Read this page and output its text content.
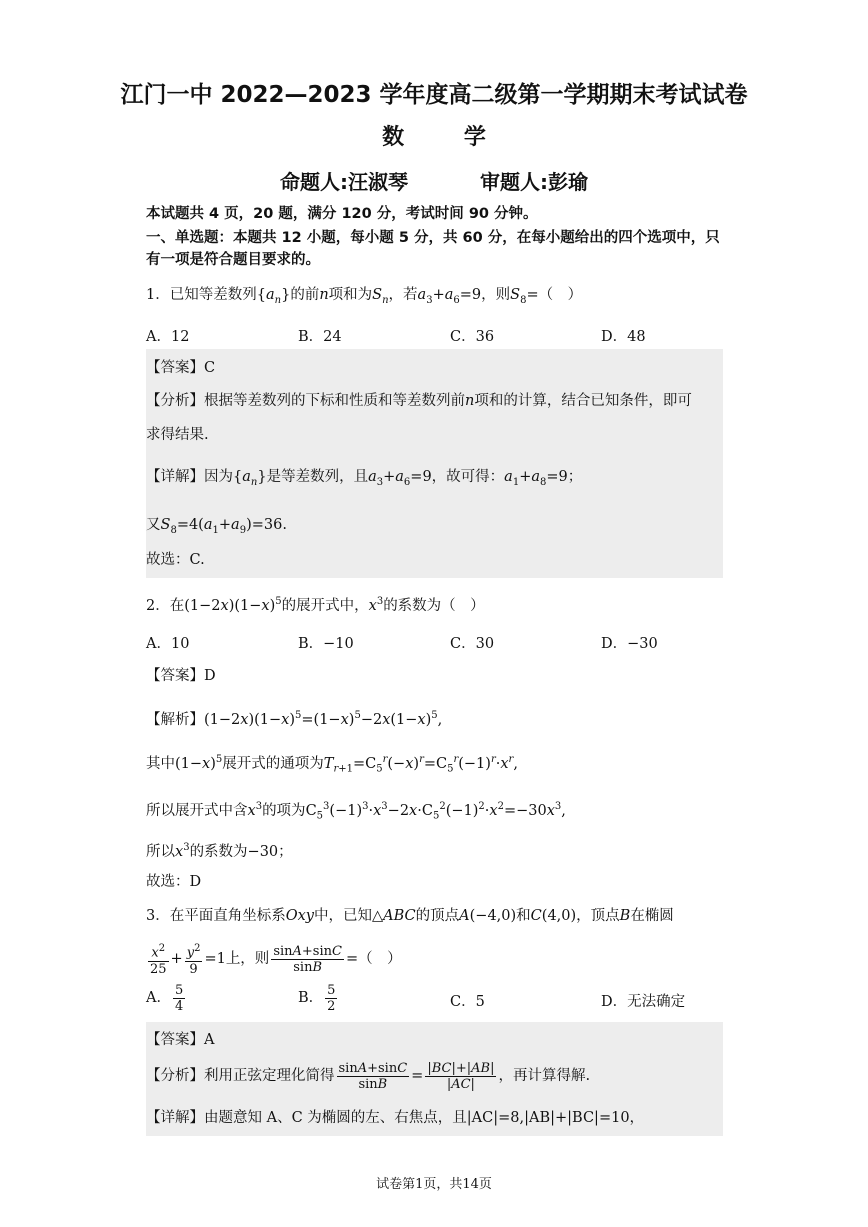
江门一中 2022—2023 学年度高二级第一学期期末考试试卷
数 学
命题人:汪淑琴	审题人:彭瑜
本试题共 4 页，20 题，满分 120 分，考试时间 90 分钟。
一、单选题：本题共 12 小题，每小题 5 分，共 60 分，在每小题给出的四个选项中，只
有一项是符合题目要求的。
1．已知等差数列$\{a_n\}$的前n项和为$S_n$，若$a_3+a_6=9$，则$S_8=$（　）
A．12	B．24	C．36	D．48
【答案】C
【分析】根据等差数列的下标和性质和等差数列前n项和的计算，结合已知条件，即可
求得结果.
【详解】因为$\{a_n\}$是等差数列，且$a_3+a_6=9$，故可得：$a_1+a_8=9$；
又$S_8=4(a_1+a_9)=36$.
故选：C.
2．在$(1-2x)(1-x)^5$的展开式中，$x^3$的系数为（　）
A．10	B．−10	C．30	D．−30
【答案】D
【解析】$(1-2x)(1-x)^5=(1-x)^5-2x(1-x)^5$,
其中$(1-x)^5$展开式的通项为$T_{r+1}=C_5^r(-x)^r=C_5^r(-1)^r\cdot x^r$,
所以展开式中含$x^3$的项为$C_5^3(-1)^3\cdot x^3-2x\cdot C_5^2(-1)^2\cdot x^2=-30x^3$,
所以$x^3$的系数为−30；
故选：D
3．在平面直角坐标系Oxy中，已知△ABC的顶点A(−4,0)和C(4,0)，顶点B在椭圆
$\frac{x^2}{25} + \frac{y^2}{9} =1$上，则 $\frac{\sin A+\sin C}{\sin B}$ =（　）
A． $\frac{5}{4}$	B． $\frac{5}{2}$	C．5	D．无法确定
【答案】A
【分析】利用正弦定理化简得 $\frac{\sin A+\sin C}{\sin B} = \frac{|BC|+|AB|}{|AC|}$ ，再计算得解.
【详解】由题意知 A、C 为椭圆的左、右焦点，且|AC|=8,|AB|+|BC|=10，
试卷第1页，共14页
